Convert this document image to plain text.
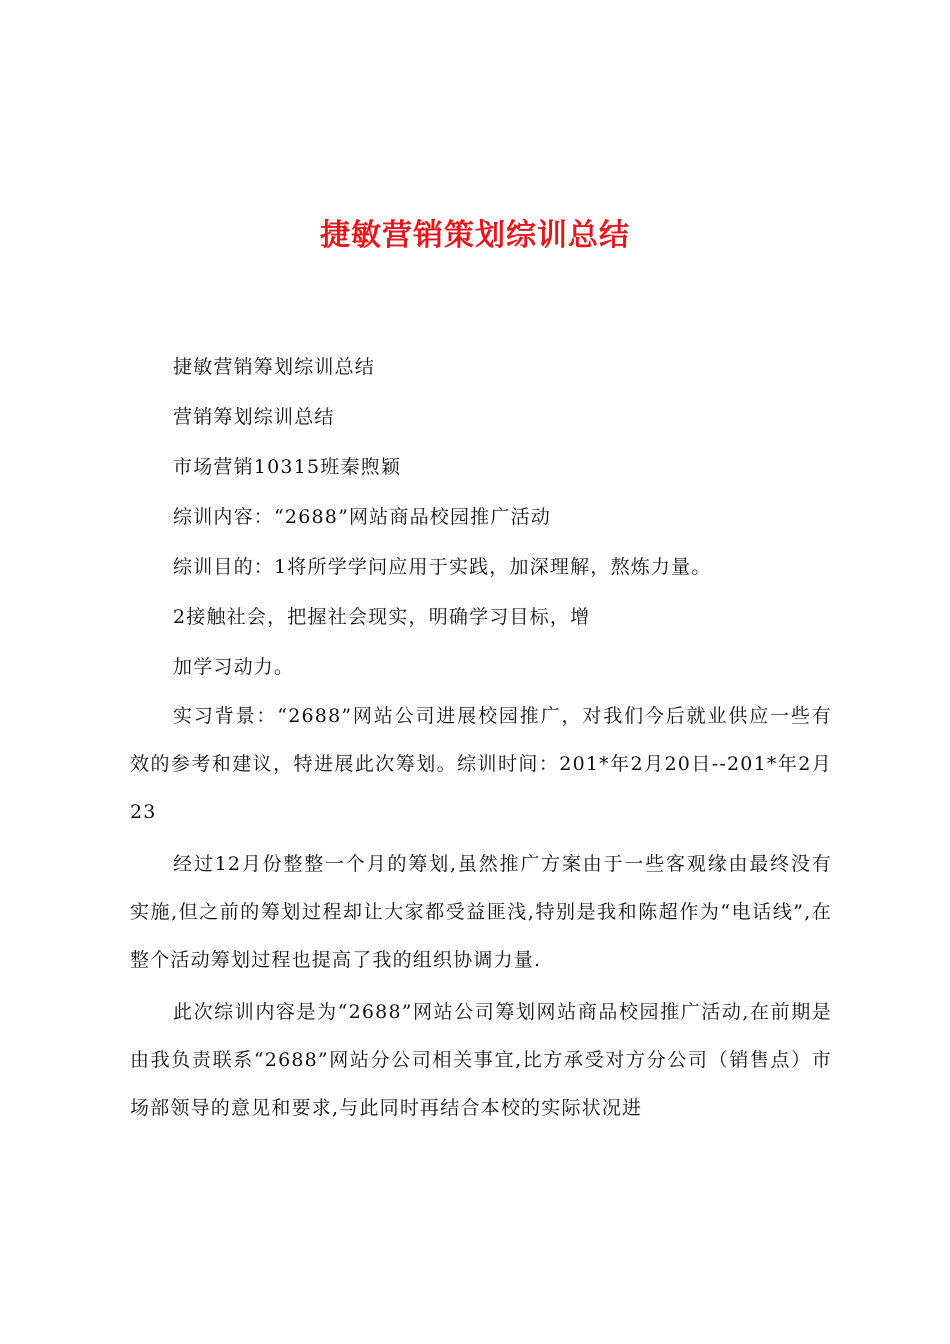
捷敏营销策划综训总结

捷敏营销筹划综训总结

营销筹划综训总结

市场营销10315班秦煦颖

综训内容：“2688”网站商品校园推广活动

综训目的：1将所学学问应用于实践，加深理解，熬炼力量。

2接触社会，把握社会现实，明确学习目标，增

加学习动力。

实习背景：“2688”网站公司进展校园推广，对我们今后就业供应一些有效的参考和建议，特进展此次筹划。综训时间：201*年2月20日--201*年2月23

经过12月份整整一个月的筹划,虽然推广方案由于一些客观缘由最终没有实施,但之前的筹划过程却让大家都受益匪浅,特别是我和陈超作为“电话线”,在整个活动筹划过程也提高了我的组织协调力量.

此次综训内容是为“2688”网站公司筹划网站商品校园推广活动,在前期是由我负责联系“2688”网站分公司相关事宜,比方承受对方分公司（销售点）市场部领导的意见和要求,与此同时再结合本校的实际状况进
